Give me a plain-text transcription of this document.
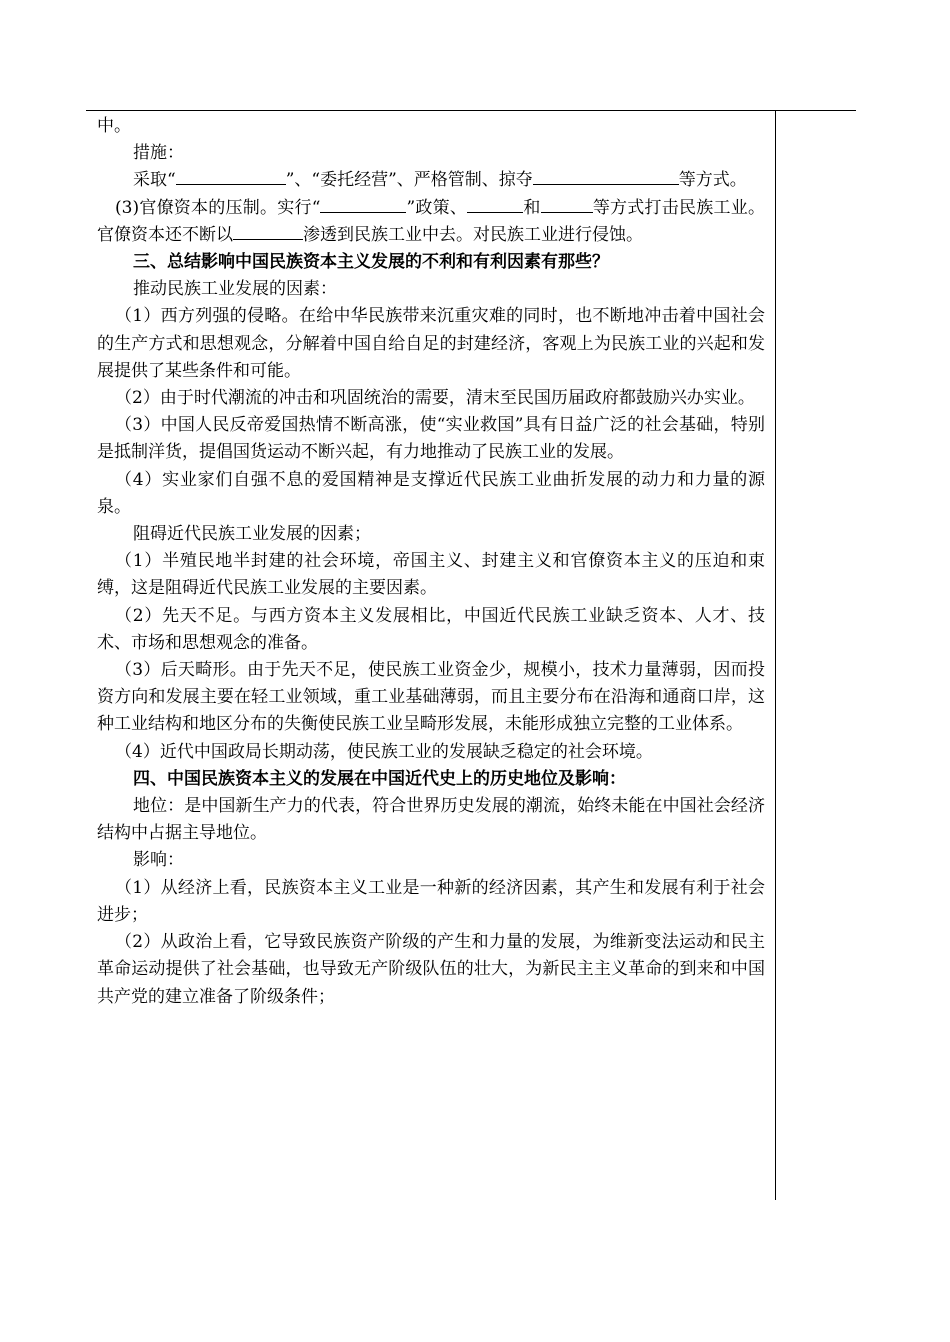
中。

措施：

采取“	”、“委托经营”、严格管制、掠夺	等方式。

(3)官僚资本的压制。实行“	”政策、	和	等方式打击民族工业。官僚资本还不断以	渗透到民族工业中去。对民族工业进行侵蚀。

三、总结影响中国民族资本主义发展的不利和有利因素有那些？

推动民族工业发展的因素：

（1）西方列强的侵略。在给中华民族带来沉重灾难的同时，也不断地冲击着中国社会的生产方式和思想观念，分解着中国自给自足的封建经济，客观上为民族工业的兴起和发展提供了某些条件和可能。

（2）由于时代潮流的冲击和巩固统治的需要，清末至民国历届政府都鼓励兴办实业。

（3）中国人民反帝爱国热情不断高涨，使“实业救国”具有日益广泛的社会基础，特别是抵制洋货，提倡国货运动不断兴起，有力地推动了民族工业的发展。

（4）实业家们自强不息的爱国精神是支撑近代民族工业曲折发展的动力和力量的源泉。

阻碍近代民族工业发展的因素；

（1）半殖民地半封建的社会环境，帝国主义、封建主义和官僚资本主义的压迫和束缚，这是阻碍近代民族工业发展的主要因素。

（2）先天不足。与西方资本主义发展相比，中国近代民族工业缺乏资本、人才、技术、市场和思想观念的准备。

（3）后天畸形。由于先天不足，使民族工业资金少，规模小，技术力量薄弱，因而投资方向和发展主要在轻工业领域，重工业基础薄弱，而且主要分布在沿海和通商口岸，这种工业结构和地区分布的失衡使民族工业呈畸形发展，未能形成独立完整的工业体系。

（4）近代中国政局长期动荡，使民族工业的发展缺乏稳定的社会环境。

四、中国民族资本主义的发展在中国近代史上的历史地位及影响：

地位：是中国新生产力的代表，符合世界历史发展的潮流，始终未能在中国社会经济结构中占据主导地位。

影响：

（1）从经济上看，民族资本主义工业是一种新的经济因素，其产生和发展有利于社会进步；

（2）从政治上看，它导致民族资产阶级的产生和力量的发展，为维新变法运动和民主革命运动提供了社会基础，也导致无产阶级队伍的壮大，为新民主主义革命的到来和中国共产党的建立准备了阶级条件；
